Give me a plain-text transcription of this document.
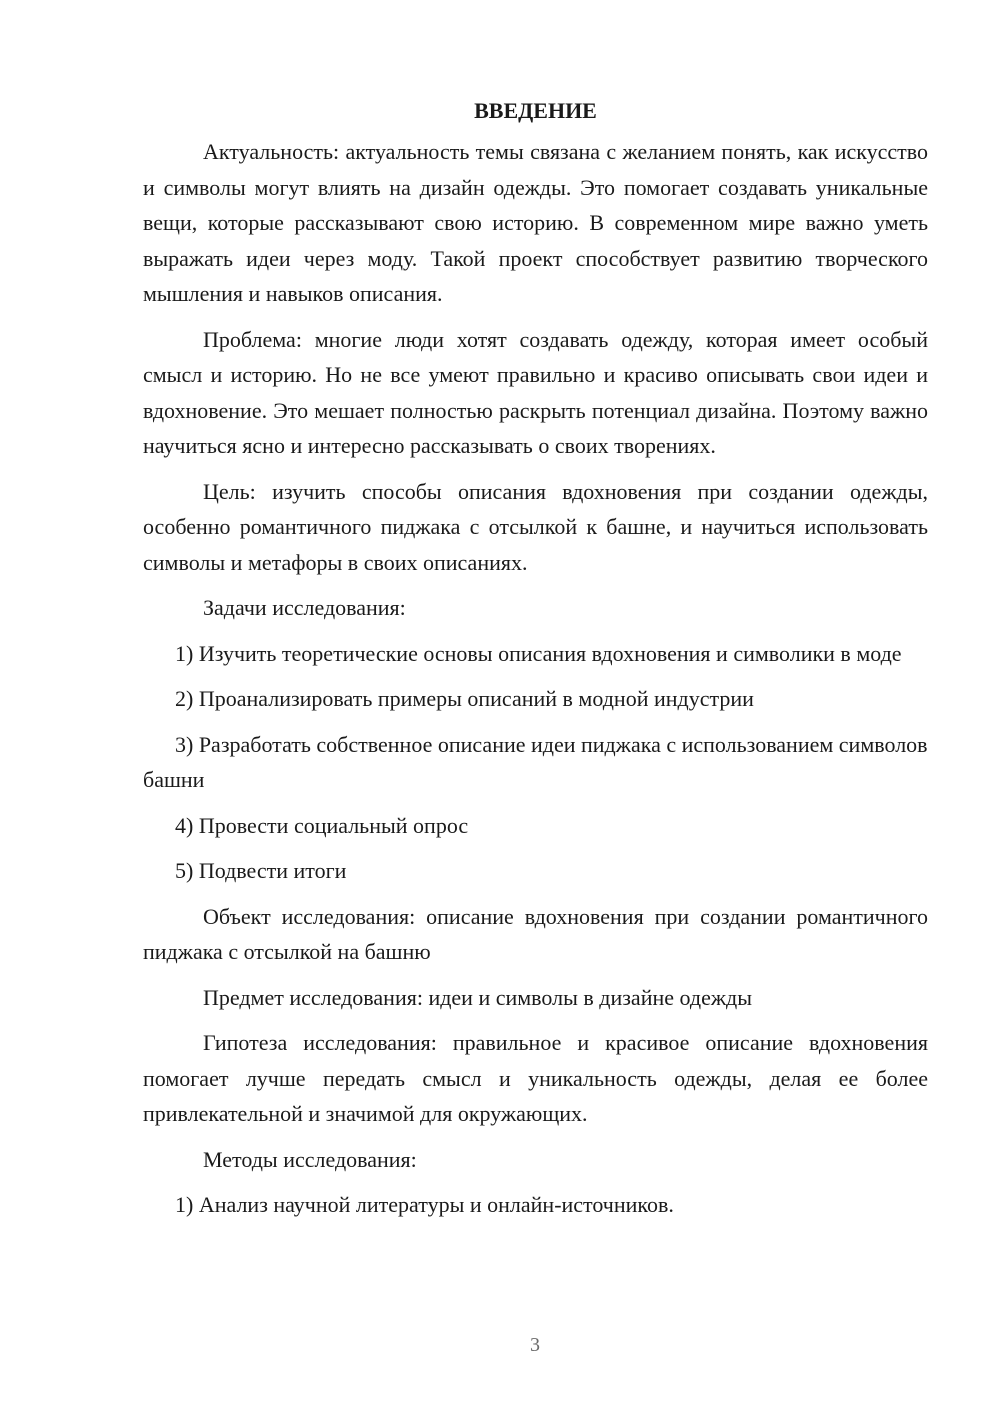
ВВЕДЕНИЕ

Актуальность: актуальность темы связана с желанием понять, как искусство и символы могут влиять на дизайн одежды. Это помогает создавать уникальные вещи, которые рассказывают свою историю. В современном мире важно уметь выражать идеи через моду. Такой проект способствует развитию творческого мышления и навыков описания.

Проблема: многие люди хотят создавать одежду, которая имеет особый смысл и историю. Но не все умеют правильно и красиво описывать свои идеи и вдохновение. Это мешает полностью раскрыть потенциал дизайна. Поэтому важно научиться ясно и интересно рассказывать о своих творениях.

Цель: изучить способы описания вдохновения при создании одежды, особенно романтичного пиджака с отсылкой к башне, и научиться использовать символы и метафоры в своих описаниях.

Задачи исследования:

1) Изучить теоретические основы описания вдохновения и символики в моде

2) Проанализировать примеры описаний в модной индустрии

3) Разработать собственное описание идеи пиджака с использованием символов башни

4) Провести социальный опрос

5) Подвести итоги

Объект исследования: описание вдохновения при создании романтичного пиджака с отсылкой на башню

Предмет исследования: идеи и символы в дизайне одежды

Гипотеза исследования: правильное и красивое описание вдохновения помогает лучше передать смысл и уникальность одежды, делая ее более привлекательной и значимой для окружающих.

Методы исследования:

1) Анализ научной литературы и онлайн-источников.

3
